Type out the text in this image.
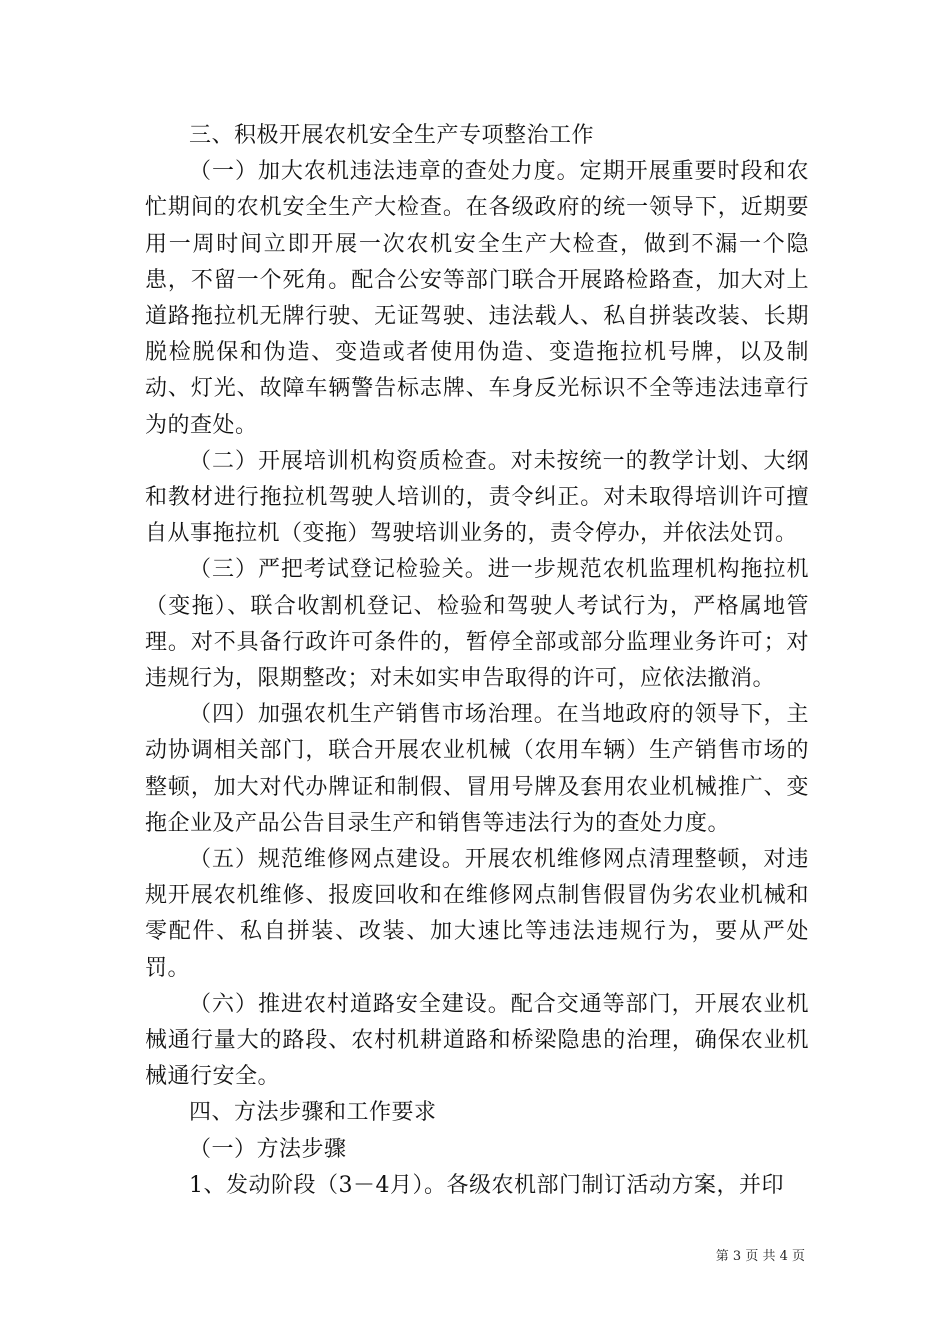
三、积极开展农机安全生产专项整治工作

（一）加大农机违法违章的查处力度。定期开展重要时段和农忙期间的农机安全生产大检查。在各级政府的统一领导下，近期要用一周时间立即开展一次农机安全生产大检查，做到不漏一个隐患，不留一个死角。配合公安等部门联合开展路检路查，加大对上道路拖拉机无牌行驶、无证驾驶、违法载人、私自拼装改装、长期脱检脱保和伪造、变造或者使用伪造、变造拖拉机号牌，以及制动、灯光、故障车辆警告标志牌、车身反光标识不全等违法违章行为的查处。

（二）开展培训机构资质检查。对未按统一的教学计划、大纲和教材进行拖拉机驾驶人培训的，责令纠正。对未取得培训许可擅自从事拖拉机（变拖）驾驶培训业务的，责令停办，并依法处罚。

（三）严把考试登记检验关。进一步规范农机监理机构拖拉机（变拖）、联合收割机登记、检验和驾驶人考试行为，严格属地管理。对不具备行政许可条件的，暂停全部或部分监理业务许可；对违规行为，限期整改；对未如实申告取得的许可，应依法撤消。

（四）加强农机生产销售市场治理。在当地政府的领导下，主动协调相关部门，联合开展农业机械（农用车辆）生产销售市场的整顿，加大对代办牌证和制假、冒用号牌及套用农业机械推广、变拖企业及产品公告目录生产和销售等违法行为的查处力度。

（五）规范维修网点建设。开展农机维修网点清理整顿，对违规开展农机维修、报废回收和在维修网点制售假冒伪劣农业机械和零配件、私自拼装、改装、加大速比等违法违规行为，要从严处罚。

（六）推进农村道路安全建设。配合交通等部门，开展农业机械通行量大的路段、农村机耕道路和桥梁隐患的治理，确保农业机械通行安全。

四、方法步骤和工作要求

（一）方法步骤

1、发动阶段（3－4月）。各级农机部门制订活动方案，并印

第 3 页 共 4 页
